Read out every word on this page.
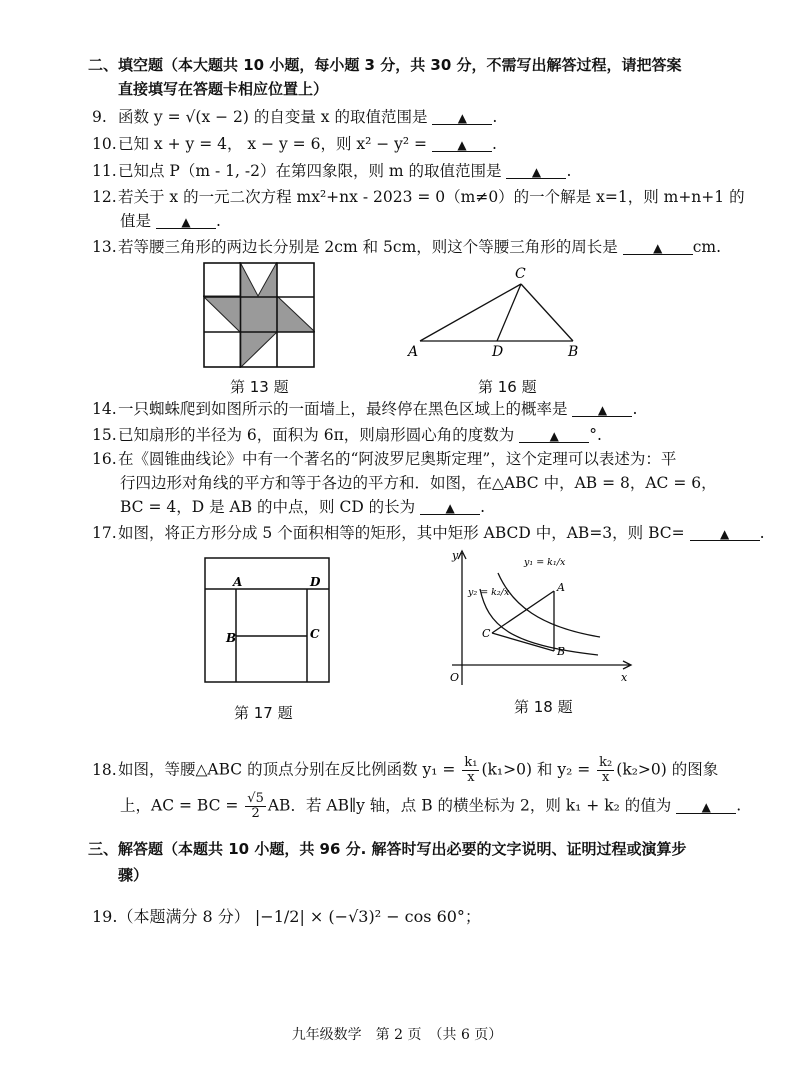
二、填空题（本大题共 10 小题，每小题 3 分，共 30 分，不需写出解答过程，请把答案
直接填写在答题卡相应位置上）
9. 函数 y = √(x − 2) 的自变量 x 的取值范围是	▲ .
10.已知 x + y = 4， x − y = 6，则 x² − y² =	▲ .
11.已知点 P（m - 1, -2）在第四象限，则 m 的取值范围是	▲ .
12.若关于 x 的一元二次方程 mx²+nx - 2023 = 0（m≠0）的一个解是 x=1，则 m+n+1 的
值是	▲ .
13.若等腰三角形的两边长分别是 2cm 和 5cm，则这个等腰三角形的周长是	▲ cm.
第 13 题
A	D	B
C
第 16 题
14.一只蜘蛛爬到如图所示的一面墙上，最终停在黑色区域上的概率是	▲ .
15.已知扇形的半径为 6，面积为 6π，则扇形圆心角的度数为	▲ °.
16.在《圆锥曲线论》中有一个著名的“阿波罗尼奥斯定理”，这个定理可以表述为：平
行四边形对角线的平方和等于各边的平方和．如图，在△ABC 中，AB = 8，AC = 6，
BC = 4，D 是 AB 的中点，则 CD 的长为	▲ .
17.如图，将正方形分成 5 个面积相等的矩形，其中矩形 ABCD 中，AB=3，则 BC=	▲ .
A	D
B	C
第 17 题
y
x
O
A
B
C
y₁ = k₁/x
y₂ = k₂/x
第 18 题
18.如图，等腰△ABC 的顶点分别在反比例函数 $y_1 = \frac{\text{k₁}}{x} (k_1>0)$ 和 $y_2 = \frac{\text{k₂}}{x} (k_2>0)$ 的图象
上，AC = BC = $\frac{√5}{2}$ AB．若 AB∥y 轴，点 B 的横坐标为 2，则 k₁ + k₂ 的值为	▲ .
三、解答题（本题共 10 小题，共 96 分. 解答时写出必要的文字说明、证明过程或演算步
骤）
19.（本题满分 8 分） |−1/2| × (−√3)² − cos 60°；
九年级数学　第 2 页　（共 6 页）
